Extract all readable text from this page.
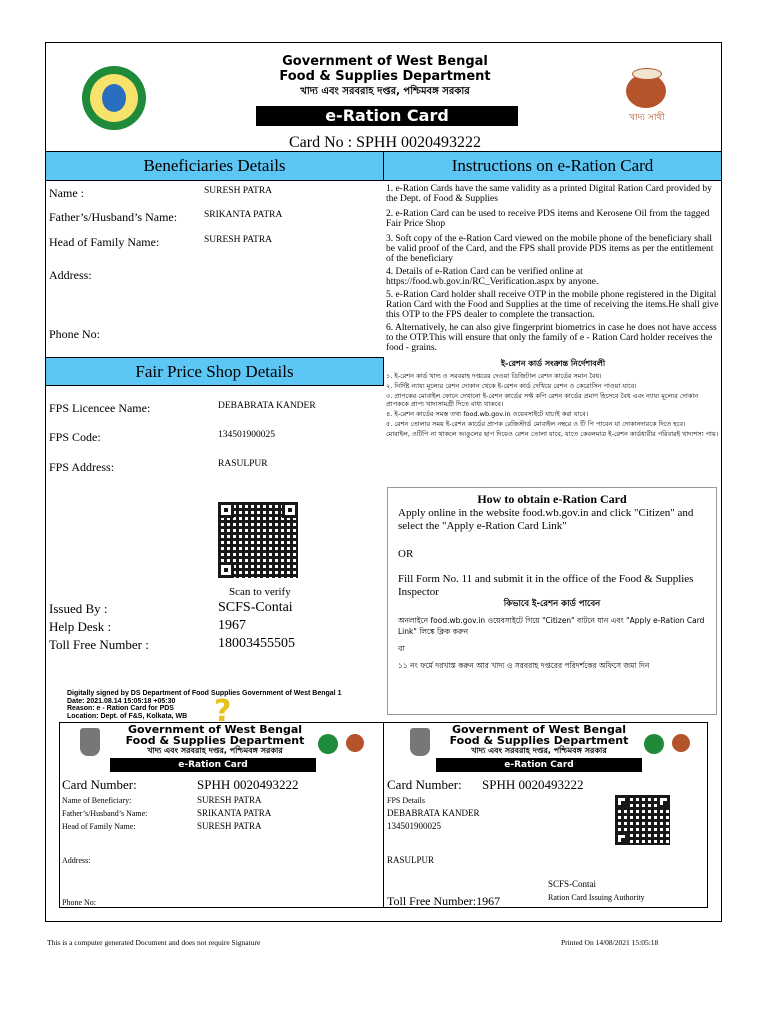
Government of West Bengal
Food & Supplies Department
খাদ্য এবং সরবরাহ দপ্তর, পশ্চিমবঙ্গ সরকার
e-Ration Card	খাদ্য সাথী
Card No : SPHH 0020493222
Beneficiaries Details	Instructions on e-Ration Card
Name :	SURESH PATRA
Father’s/Husband’s Name:	SRIKANTA PATRA
Head of Family Name:	SURESH PATRA
Address:
Phone No:
1. e-Ration Cards have the same validity as a printed Digital Ration Card provided by the Dept. of Food & Supplies
2. e-Ration Card can be used to receive PDS items and Kerosene Oil from the tagged Fair Price Shop
3. Soft copy of the e-Ration Card viewed on the mobile phone of the beneficiary shall be valid proof of the Card, and the FPS shall provide PDS items as per the entitlement of the beneficiary
4. Details of e-Ration Card can be verified online at https://food.wb.gov.in/RC_Verification.aspx by anyone.
5. e-Ration Card holder shall receive OTP in the mobile phone registered in the Digital Ration Card with the Food and Supplies at the time of receiving the items.He shall give this OTP to the FPS dealer to complete the transaction.
6. Alternatively, he can also give fingerprint biometrics in case he does not have access to the OTP.This will ensure that only the family of e - Ration Card holder receives the food - grains.
Fair Price Shop Details	ই-রেশন কার্ড সংক্রান্ত নির্দেশাবলী
১. ই-রেশন কার্ড খাদ্য ও সরবরাহ দপ্তরের দেওয়া ডিজিটাল রেশন কার্ডের সমান বৈধ।
২. নির্দিষ্ট ন্যায্য মূল্যের রেশন দোকান থেকে ই-রেশন কার্ড দেখিয়ে রেশন ও কেরোসিন পাওয়া যাবে।
৩. প্রাপকের মোবাইল ফোনে দেখানো ই-রেশন কার্ডের সফ্ট কপি রেশন কার্ডের প্রমাণ হিসেবে বৈধ এবং ন্যায্য মূল্যের দোকান প্রাপককে প্রাপ্য খাদ্যসামগ্রী দিতে বাধ্য থাকবে।
৪. ই-রেশন কার্ডের সমস্ত তথ্য food.wb.gov.in ওয়েবসাইটে যাচাই করা যাবে।
৫. রেশন তোলার সময় ই-রেশন কার্ডের প্রাপক রেজিস্টার্ড মোবাইল নম্বরে ও টি পি পাবেন যা দোকানদারকে দিতে হবে।
মোবাইল, ওটিপি না থাকলে আঙুলের ছাপ দিয়েও রেশন তোলা যাবে, যাতে কেবলমাত্র ই-রেশন কার্ডধারীর পরিবারই খাদ্যশস্য পায়।
FPS Licencee Name:	DEBABRATA KANDER
FPS Code:	134501900025
FPS Address:	RASULPUR
Scan to verify
Issued By :	SCFS-Contai
Help Desk :	1967
Toll Free Number :	18003455505
How to obtain e-Ration Card
Apply online in the website food.wb.gov.in and click "Citizen" and select the "Apply e-Ration Card Link"
OR
Fill Form No. 11 and submit it in the office of the Food & Supplies Inspector
কিভাবে ই-রেশন কার্ড পাবেন
অনলাইনে food.wb.gov.in ওয়েবসাইটে গিয়ে "Citizen" বাটনে যান এবং "Apply e-Ration Card Link" লিঙ্কে ক্লিক করুন
বা
১১ নং ফর্মে দরখাস্ত করুন আর খাদ্য ও সরবরাহ দপ্তরের পরিদর্শকের অফিসে জমা দিন
Digitally signed by DS Department of Food Supplies Government of West Bengal 1
Date: 2021.08.14 15:05:18 +05:30
Reason: e - Ration Card for PDS
Location: Dept. of F&S, Kolkata, WB ?
Government of West Bengal
Food & Supplies Department
খাদ্য এবং সরবরাহ দপ্তর, পশ্চিমবঙ্গ সরকার
e-Ration Card
Government of West Bengal
Food & Supplies Department
খাদ্য এবং সরবরাহ দপ্তর, পশ্চিমবঙ্গ সরকার
e-Ration Card
Card Number:	SPHH 0020493222
Name of Beneficiary:	SURESH PATRA
Father’s/Husband’s Name:	SRIKANTA PATRA
Head of Family Name:	SURESH PATRA
Address:
Phone No:
Card Number: SPHH 0020493222
FPS Details
DEBABRATA KANDER
134501900025
RASULPUR
SCFS-Contai
Ration Card Issuing Authority
Toll Free Number:1967
This is a computer generated Document and does not require Signature	Printed On 14/08/2021 15:05:18
